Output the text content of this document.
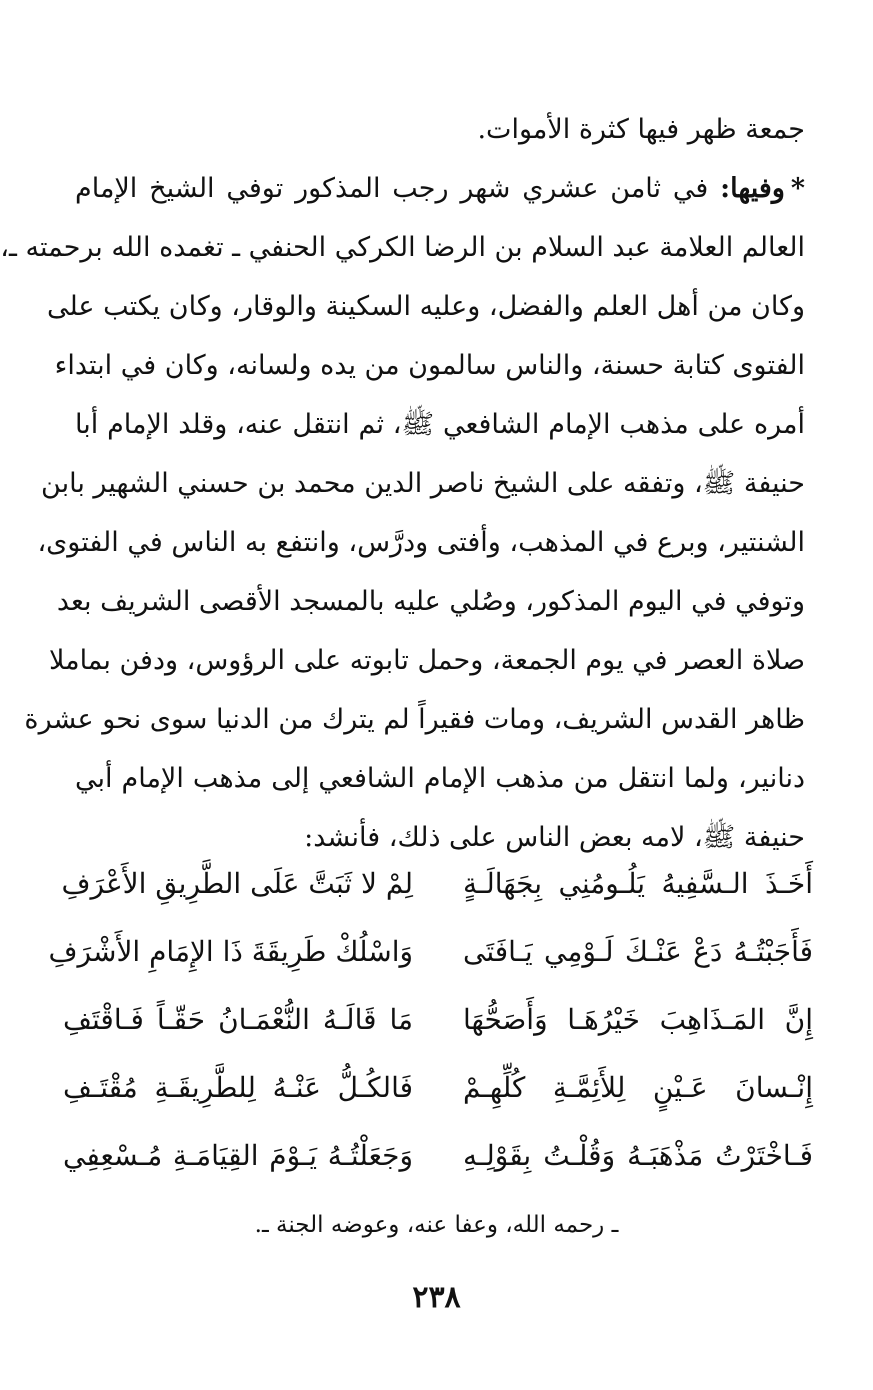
جمعة ظهر فيها كثرة الأموات.
*وفيها: في ثامن عشري شهر رجب المذكور توفي الشيخ الإمام
العالم العلامة عبد السلام بن الرضا الكركي الحنفي ـ تغمده الله برحمته ـ،
وكان من أهل العلم والفضل، وعليه السكينة والوقار، وكان يكتب على
الفتوى كتابة حسنة، والناس سالمون من يده ولسانه، وكان في ابتداء
أمره على مذهب الإمام الشافعي ﷺ، ثم انتقل عنه، وقلد الإمام أبا
حنيفة ﷺ، وتفقه على الشيخ ناصر الدين محمد بن حسني الشهير بابن
الشنتير، وبرع في المذهب، وأفتى ودرَّس، وانتفع به الناس في الفتوى،
وتوفي في اليوم المذكور، وصُلي عليه بالمسجد الأقصى الشريف بعد
صلاة العصر في يوم الجمعة، وحمل تابوته على الرؤوس، ودفن بماملا
ظاهر القدس الشريف، ومات فقيراً لم يترك من الدنيا سوى نحو عشرة
دنانير، ولما انتقل من مذهب الإمام الشافعي إلى مذهب الإمام أبي
حنيفة ﷺ، لامه بعض الناس على ذلك، فأنشد:
أَخَـذَ الـسَّفِيهُ يَلُـومُنِي بِجَهَالَـةٍ
لِمْ لا ثَبَتَّ عَلَى الطَّرِيقِ الأَعْرَفِ
فَأَجَبْتُـهُ دَعْ عَنْـكَ لَـوْمِي يَـافَتَى
وَاسْلُكْ طَرِيقَةَ ذَا الإِمَامِ الأَشْرَفِ
إِنَّ المَـذَاهِبَ خَيْرُهَـا وَأَصَحُّهَا
مَا قَالَـهُ النُّعْمَـانُ حَقّـاً فَـاقْتَفِ
إِنْـسانَ عَـيْنٍ لِلأَئِمَّـةِ كُلِّهِـمْ
فَالكُـلُّ عَنْـهُ لِلطَّرِيقَـةِ مُقْتَـفِ
فَـاخْتَرْتُ مَذْهَبَـهُ وَقُلْـتُ بِقَوْلِـهِ
وَجَعَلْتُـهُ يَـوْمَ القِيَامَـةِ مُـسْعِفِي
ـ رحمه الله، وعفا عنه، وعوضه الجنة ـ.
٢٣٨
